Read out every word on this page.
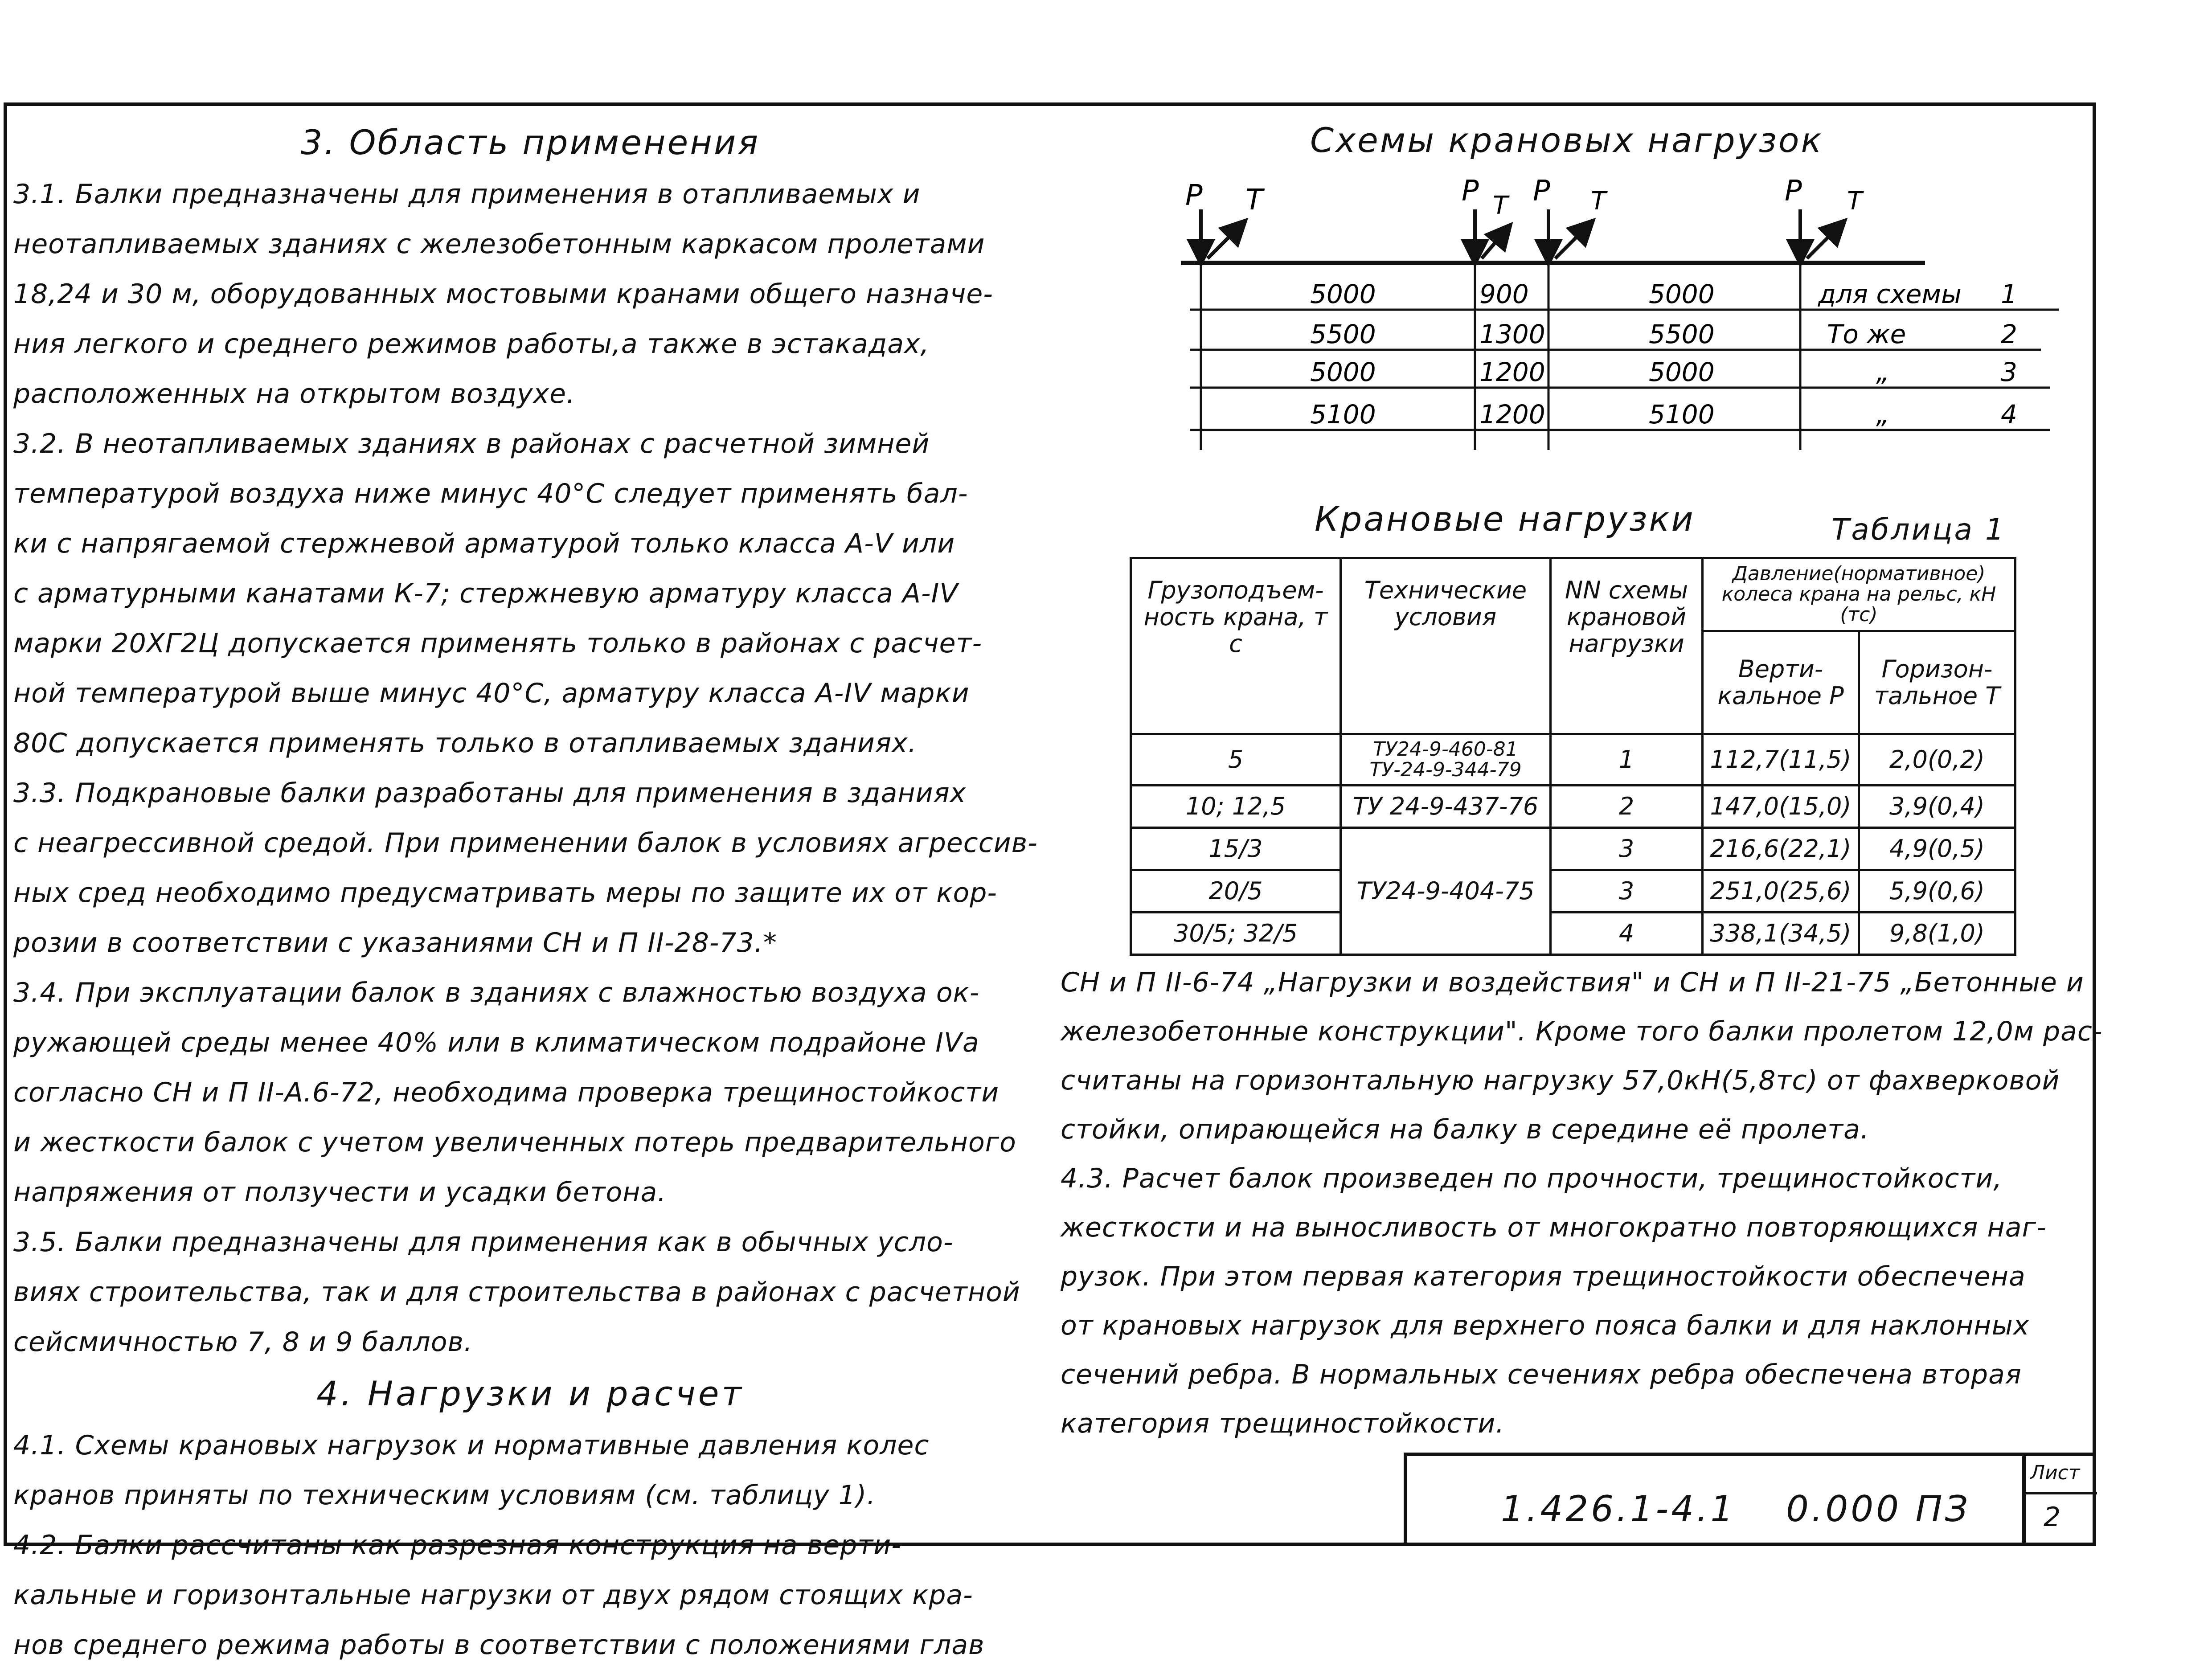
3. Область применения

3.1. Балки предназначены для применения в отапливаемых и

неотапливаемых зданиях с железобетонным каркасом пролетами

18,24 и 30 м, оборудованных мостовыми кранами общего назначе-

ния легкого и среднего режимов работы,а также в эстакадах,

расположенных на открытом воздухе.

3.2. В неотапливаемых зданиях в районах с расчетной зимней

температурой воздуха ниже минус 40°С следует применять бал-

ки с напрягаемой стержневой арматурой только класса А-V или

с арматурными канатами К-7; стержневую арматуру класса А-IV

марки 20ХГ2Ц допускается применять только в районах с расчет-

ной температурой выше минус 40°С, арматуру класса А-IV марки

80С допускается применять только в отапливаемых зданиях.

3.3. Подкрановые балки разработаны для применения в зданиях

с неагрессивной средой. При применении балок в условиях агрессив-

ных сред необходимо предусматривать меры по защите их от кор-

розии в соответствии с указаниями СН и П II-28-73.*

3.4. При эксплуатации балок в зданиях с влажностью воздуха ок-

ружающей среды менее 40% или в климатическом подрайоне IVа

согласно СН и П II-А.6-72, необходима проверка трещиностойкости

и жесткости балок с учетом увеличенных потерь предварительного

напряжения от ползучести и усадки бетона.

3.5. Балки предназначены для применения как в обычных усло-

виях строительства, так и для строительства в районах с расчетной

сейсмичностью 7, 8 и 9 баллов.

4. Нагрузки и расчет

4.1. Схемы крановых нагрузок и нормативные давления колес

кранов приняты по техническим условиям (см. таблицу 1).

4.2. Балки рассчитаны как разрезная конструкция на верти-

кальные и горизонтальные нагрузки от двух рядом стоящих кра-

нов среднего режима работы в соответствии с положениями глав

Схемы крановых нагрузок
P T	P T P T	P T
5000	900	5000	для схемы 1
5500	1300	5500	То же	2
5000	1200	5000	„	3
5100	1200	5100	„	4
Крановые нагрузки	Таблица 1
Грузоподъем-ность крана, т с	Технические условия	NN схемы крановой нагрузки	Давление(нормативное) колеса крана на рельс, кН (тс)	
			Верти-кальное Р	Горизон-тальное Т
5	ТУ24-9-460-81 ТУ-24-9-344-79	1	112,7(11,5)	2,0(0,2)
10; 12,5	ТУ 24-9-437-76	2	147,0(15,0)	3,9(0,4)
15/3	ТУ24-9-404-75	3	216,6(22,1)	4,9(0,5)
20/5		3	251,0(25,6)	5,9(0,6)
30/5; 32/5		4	338,1(34,5)	9,8(1,0)

СН и П II-6-74 „Нагрузки и воздействия" и СН и П II-21-75 „Бетонные и

железобетонные конструкции". Кроме того балки пролетом 12,0м рас-

считаны на горизонтальную нагрузку 57,0кН(5,8тс) от фахверковой

стойки, опирающейся на балку в середине её пролета.

4.3. Расчет балок произведен по прочности, трещиностойкости,

жесткости и на выносливость от многократно повторяющихся наг-

рузок. При этом первая категория трещиностойкости обеспечена

от крановых нагрузок для верхнего пояса балки и для наклонных

сечений ребра. В нормальных сечениях ребра обеспечена вторая

категория трещиностойкости.

1.426.1-4.1 0.000 ПЗ
Лист
2
